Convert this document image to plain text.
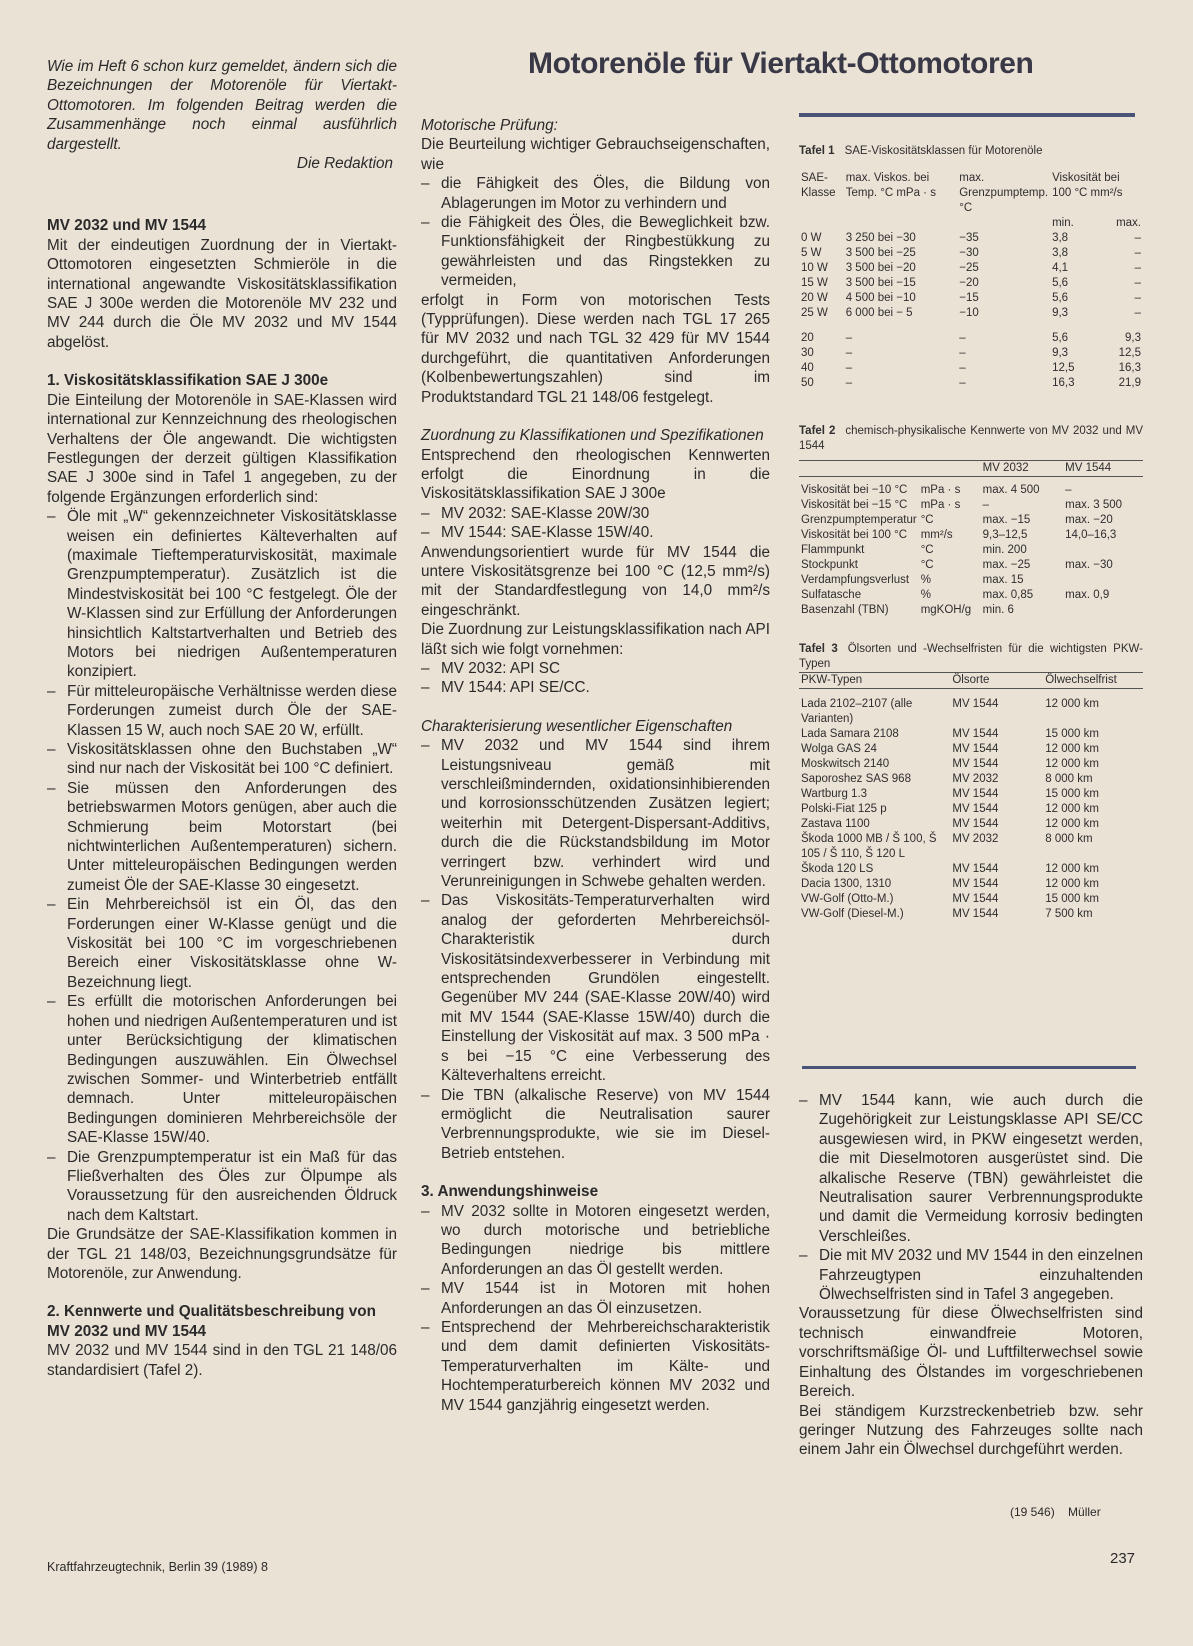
Motorenöle für Viertakt-Ottomotoren

Wie im Heft 6 schon kurz gemeldet, ändern sich die Bezeichnungen der Motorenöle für Viertakt-Ottomotoren. Im folgenden Beitrag werden die Zusammenhänge noch einmal ausführlich dargestellt.

Die Redaktion

MV 2032 und MV 1544

Mit der eindeutigen Zuordnung der in Viertakt-Ottomotoren eingesetzten Schmieröle in die international angewandte Viskositätsklassifikation SAE J 300e werden die Motorenöle MV 232 und MV 244 durch die Öle MV 2032 und MV 1544 abgelöst.

1. Viskositätsklassifikation SAE J 300e

Die Einteilung der Motorenöle in SAE-Klassen wird international zur Kennzeichnung des rheologischen Verhaltens der Öle angewandt. Die wichtigsten Festlegungen der derzeit gültigen Klassifikation SAE J 300e sind in Tafel 1 angegeben, zu der folgende Ergänzungen erforderlich sind:

– Öle mit „W“ gekennzeichneter Viskositätsklasse weisen ein definiertes Kälteverhalten auf (maximale Tieftemperaturviskosität, maximale Grenzpumptemperatur). Zusätzlich ist die Mindestviskosität bei 100 °C festgelegt. Öle der W-Klassen sind zur Erfüllung der Anforderungen hinsichtlich Kaltstartverhalten und Betrieb des Motors bei niedrigen Außentemperaturen konzipiert.
– Für mitteleuropäische Verhältnisse werden diese Forderungen zumeist durch Öle der SAE-Klassen 15 W, auch noch SAE 20 W, erfüllt.
– Viskositätsklassen ohne den Buchstaben „W“ sind nur nach der Viskosität bei 100 °C definiert.
– Sie müssen den Anforderungen des betriebswarmen Motors genügen, aber auch die Schmierung beim Motorstart (bei nichtwinterlichen Außentemperaturen) sichern. Unter mitteleuropäischen Bedingungen werden zumeist Öle der SAE-Klasse 30 eingesetzt.
– Ein Mehrbereichsöl ist ein Öl, das den Forderungen einer W-Klasse genügt und die Viskosität bei 100 °C im vorgeschriebenen Bereich einer Viskositätsklasse ohne W-Bezeichnung liegt.
– Es erfüllt die motorischen Anforderungen bei hohen und niedrigen Außentemperaturen und ist unter Berücksichtigung der klimatischen Bedingungen auszuwählen. Ein Ölwechsel zwischen Sommer- und Winterbetrieb entfällt demnach. Unter mitteleuropäischen Bedingungen dominieren Mehrbereichsöle der SAE-Klasse 15W/40.
– Die Grenzpumptemperatur ist ein Maß für das Fließverhalten des Öles zur Ölpumpe als Voraussetzung für den ausreichenden Öldruck nach dem Kaltstart.

Die Grundsätze der SAE-Klassifikation kommen in der TGL 21 148/03, Bezeichnungsgrundsätze für Motorenöle, zur Anwendung.

2. Kennwerte und Qualitätsbeschreibung von MV 2032 und MV 1544

MV 2032 und MV 1544 sind in den TGL 21 148/06 standardisiert (Tafel 2).

Motorische Prüfung:

Die Beurteilung wichtiger Gebrauchseigenschaften, wie

– die Fähigkeit des Öles, die Bildung von Ablagerungen im Motor zu verhindern und
– die Fähigkeit des Öles, die Beweglichkeit bzw. Funktionsfähigkeit der Ringbestükkung zu gewährleisten und das Ringstekken zu vermeiden,

erfolgt in Form von motorischen Tests (Typprüfungen). Diese werden nach TGL 17 265 für MV 2032 und nach TGL 32 429 für MV 1544 durchgeführt, die quantitativen Anforderungen (Kolbenbewertungszahlen) sind im Produktstandard TGL 21 148/06 festgelegt.

Zuordnung zu Klassifikationen und Spezifikationen

Entsprechend den rheologischen Kennwerten erfolgt die Einordnung in die Viskositätsklassifikation SAE J 300e

– MV 2032: SAE-Klasse 20W/30
– MV 1544: SAE-Klasse 15W/40.

Anwendungsorientiert wurde für MV 1544 die untere Viskositätsgrenze bei 100 °C (12,5 mm²/s) mit der Standardfestlegung von 14,0 mm²/s eingeschränkt.

Die Zuordnung zur Leistungsklassifikation nach API läßt sich wie folgt vornehmen:

– MV 2032: API SC
– MV 1544: API SE/CC.

Charakterisierung wesentlicher Eigenschaften

– MV 2032 und MV 1544 sind ihrem Leistungsniveau gemäß mit verschleißmindernden, oxidationsinhibierenden und korrosionsschützenden Zusätzen legiert; weiterhin mit Detergent-Dispersant-Additivs, durch die die Rückstandsbildung im Motor verringert bzw. verhindert wird und Verunreinigungen in Schwebe gehalten werden.
– Das Viskositäts-Temperaturverhalten wird analog der geforderten Mehrbereichsöl-Charakteristik durch Viskositätsindexverbesserer in Verbindung mit entsprechenden Grundölen eingestellt. Gegenüber MV 244 (SAE-Klasse 20W/40) wird mit MV 1544 (SAE-Klasse 15W/40) durch die Einstellung der Viskosität auf max. 3 500 mPa · s bei −15 °C eine Verbesserung des Kälteverhaltens erreicht.
– Die TBN (alkalische Reserve) von MV 1544 ermöglicht die Neutralisation saurer Verbrennungsprodukte, wie sie im Diesel-Betrieb entstehen.
3. Anwendungshinweise
– MV 2032 sollte in Motoren eingesetzt werden, wo durch motorische und betriebliche Bedingungen niedrige bis mittlere Anforderungen an das Öl gestellt werden.
– MV 1544 ist in Motoren mit hohen Anforderungen an das Öl einzusetzen.
– Entsprechend der Mehrbereichscharakteristik und dem damit definierten Viskositäts-Temperaturverhalten im Kälte- und Hochtemperaturbereich können MV 2032 und MV 1544 ganzjährig eingesetzt werden.

Tafel 1 SAE-Viskositätsklassen für Motorenöle

SAE-Klasse	max. Viskos. bei Temp. °C mPa · s	max. Grenzpumptemp. °C	Viskosität bei 100 °C mm²/s	
			min.	max.
0 W	3 250 bei −30	−35	3,8	–
5 W	3 500 bei −25	−30	3,8	–
10 W	3 500 bei −20	−25	4,1	–
15 W	3 500 bei −15	−20	5,6	–
20 W	4 500 bei −10	−15	5,6	–
25 W	6 000 bei − 5	−10	9,3	–

20	–	–	5,6	9,3
30	–	–	9,3	12,5
40	–	–	12,5	16,3
50	–	–	16,3	21,9

Tafel 2 chemisch-physikalische Kennwerte von MV 2032 und MV 1544

		MV 2032	MV 1544

Viskosität bei −10 °C	mPa · s	max. 4 500	–
Viskosität bei −15 °C	mPa · s	–	max. 3 500
Grenzpumptemperatur	°C	max. −15	max. −20
Viskosität bei 100 °C	mm²/s	9,3–12,5	14,0–16,3
Flammpunkt	°C	min. 200	
Stockpunkt	°C	max. −25	max. −30
Verdampfungsverlust	%	max. 15	
Sulfatasche	%	max. 0,85	max. 0,9
Basenzahl (TBN)	mgKOH/g	min. 6	

Tafel 3 Ölsorten und -Wechselfristen für die wichtigsten PKW-Typen

PKW-Typen	Ölsorte	Ölwechselfrist

Lada 2102–2107 (alle Varianten)	MV 1544	12 000 km
Lada Samara 2108	MV 1544	15 000 km
Wolga GAS 24	MV 1544	12 000 km
Moskwitsch 2140	MV 1544	12 000 km
Saporoshez SAS 968	MV 2032	8 000 km
Wartburg 1.3	MV 1544	15 000 km
Polski-Fiat 125 p	MV 1544	12 000 km
Zastava 1100	MV 1544	12 000 km
Škoda 1000 MB / Š 100, Š 105 / Š 110, Š 120 L	MV 2032	8 000 km
Škoda 120 LS	MV 1544	12 000 km
Dacia 1300, 1310	MV 1544	12 000 km
VW-Golf (Otto-M.)	MV 1544	15 000 km
VW-Golf (Diesel-M.)	MV 1544	7 500 km
– MV 1544 kann, wie auch durch die Zugehörigkeit zur Leistungsklasse API SE/CC ausgewiesen wird, in PKW eingesetzt werden, die mit Dieselmotoren ausgerüstet sind. Die alkalische Reserve (TBN) gewährleistet die Neutralisation saurer Verbrennungsprodukte und damit die Vermeidung korrosiv bedingten Verschleißes.
– Die mit MV 2032 und MV 1544 in den einzelnen Fahrzeugtypen einzuhaltenden Ölwechselfristen sind in Tafel 3 angegeben.

Voraussetzung für diese Ölwechselfristen sind technisch einwandfreie Motoren, vorschriftsmäßige Öl- und Luftfilterwechsel sowie Einhaltung des Ölstandes im vorgeschriebenen Bereich.

Bei ständigem Kurzstreckenbetrieb bzw. sehr geringer Nutzung des Fahrzeuges sollte nach einem Jahr ein Ölwechsel durchgeführt werden.

(19 546) Müller
Kraftfahrzeugtechnik, Berlin 39 (1989) 8	237
